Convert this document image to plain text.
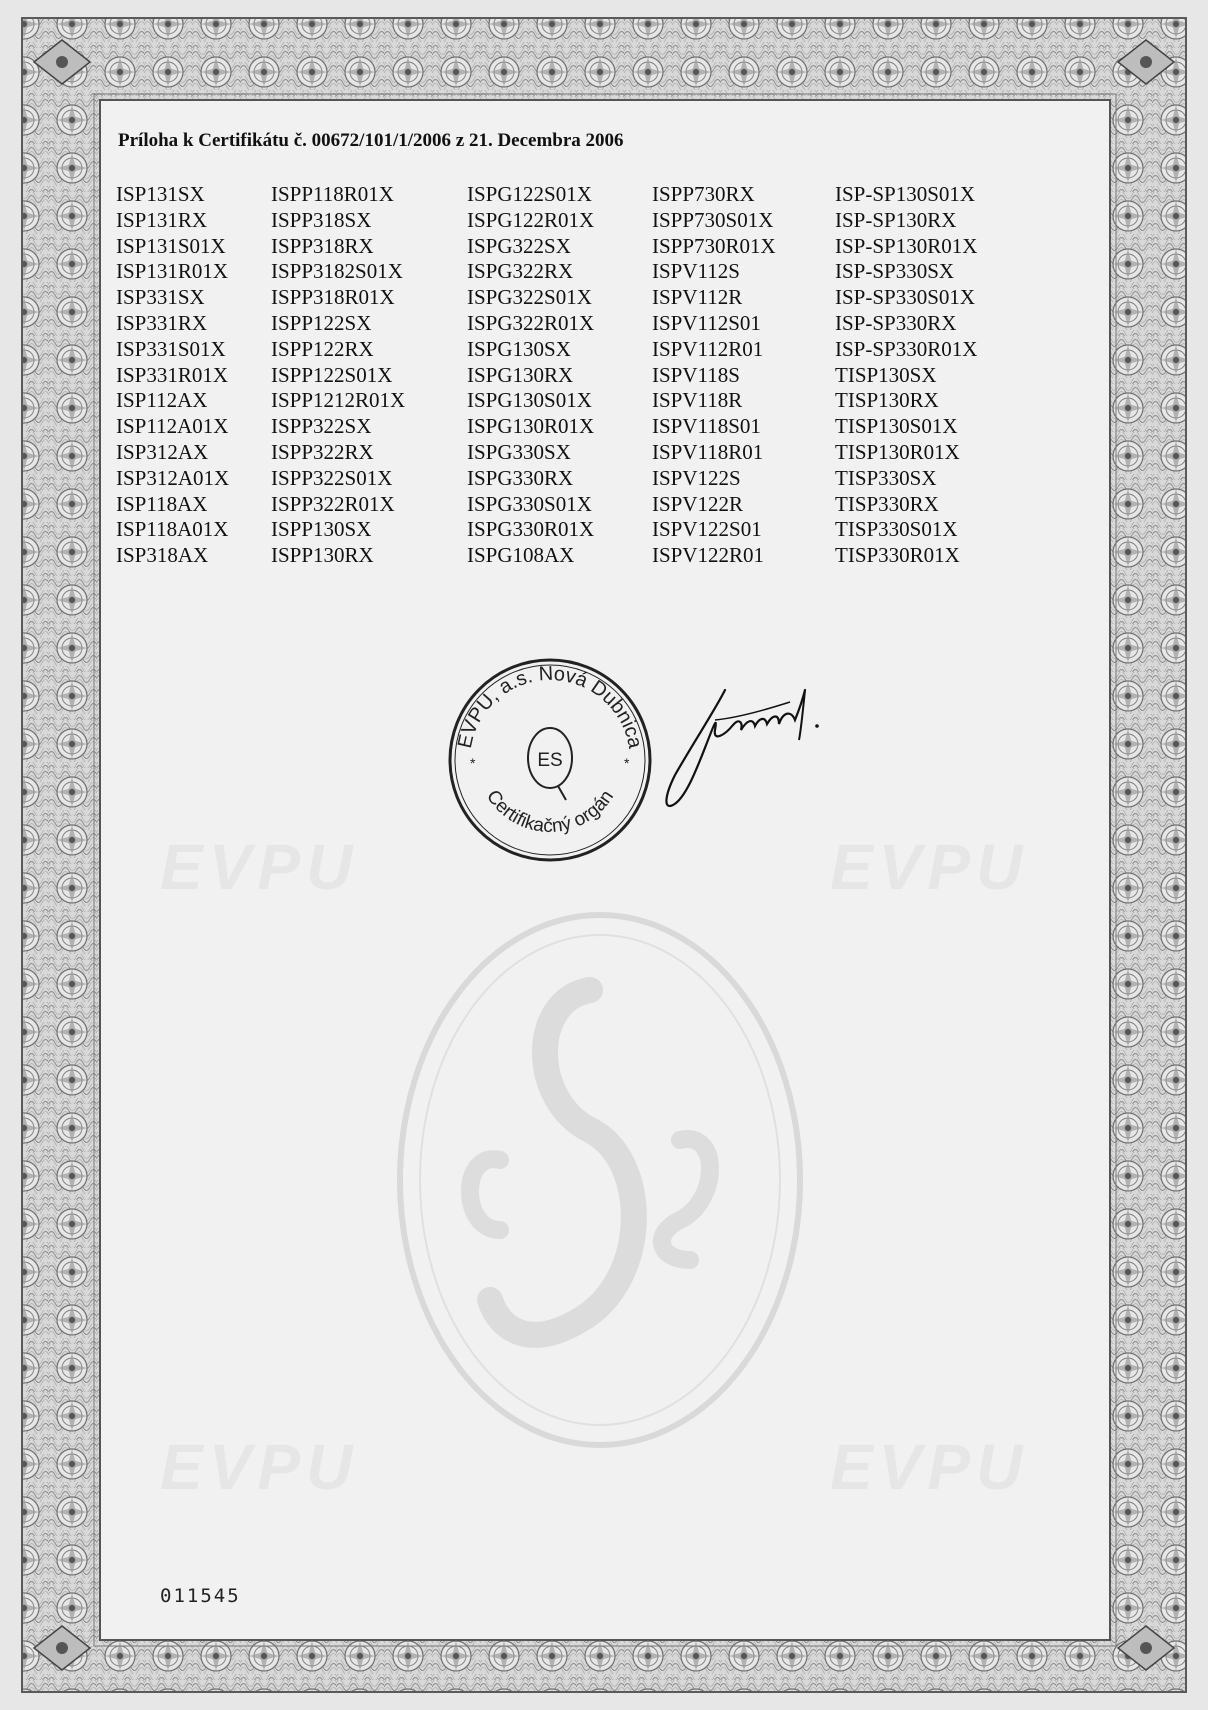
Príloha k Certifikátu č. 00672/101/1/2006 z 21. Decembra 2006
ISP131SX
ISP131RX
ISP131S01X
ISP131R01X
ISP331SX
ISP331RX
ISP331S01X
ISP331R01X
ISP112AX
ISP112A01X
ISP312AX
ISP312A01X
ISP118AX
ISP118A01X
ISP318AX
ISPP118R01X
ISPP318SX
ISPP318RX
ISPP3182S01X
ISPP318R01X
ISPP122SX
ISPP122RX
ISPP122S01X
ISPP1212R01X
ISPP322SX
ISPP322RX
ISPP322S01X
ISPP322R01X
ISPP130SX
ISPP130RX
ISPG122S01X
ISPG122R01X
ISPG322SX
ISPG322RX
ISPG322S01X
ISPG322R01X
ISPG130SX
ISPG130RX
ISPG130S01X
ISPG130R01X
ISPG330SX
ISPG330RX
ISPG330S01X
ISPG330R01X
ISPG108AX
ISPP730RX
ISPP730S01X
ISPP730R01X
ISPV112S
ISPV112R
ISPV112S01
ISPV112R01
ISPV118S
ISPV118R
ISPV118S01
ISPV118R01
ISPV122S
ISPV122R
ISPV122S01
ISPV122R01
ISP-SP130S01X
ISP-SP130RX
ISP-SP130R01X
ISP-SP330SX
ISP-SP330S01X
ISP-SP330RX
ISP-SP330R01X
TISP130SX
TISP130RX
TISP130S01X
TISP130R01X
TISP330SX
TISP330RX
TISP330S01X
TISP330R01X
EVPU, a.s. Nová Dubnica
Certifikačný orgán
*	*
ES
011545
